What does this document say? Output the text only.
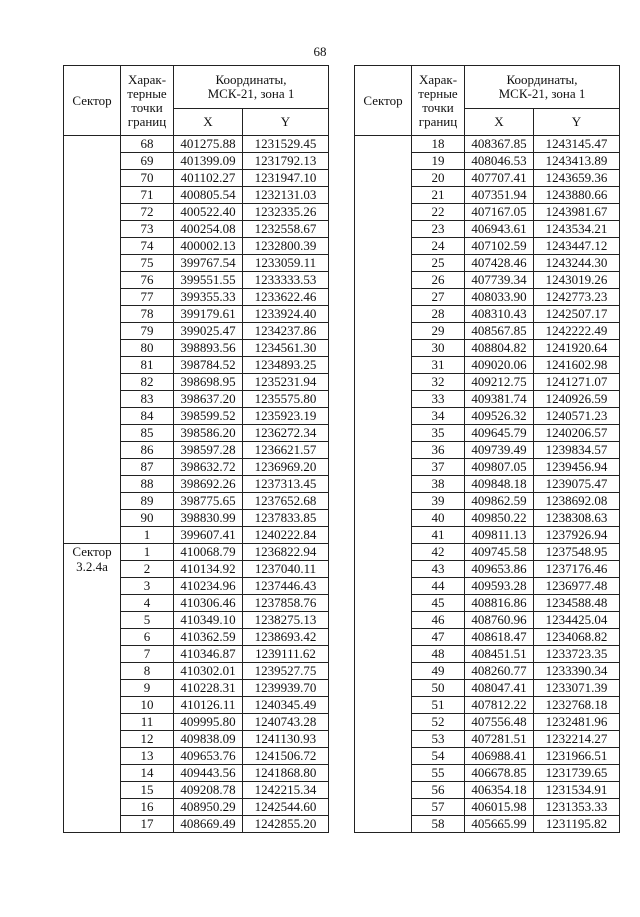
68
Сектор	Харак-
терные
точки
границ	Координаты,
МСК-21, зона 1	
		X	Y
	68	401275.88	1231529.45
	69	401399.09	1231792.13
	70	401102.27	1231947.10
	71	400805.54	1232131.03
	72	400522.40	1232335.26
	73	400254.08	1232558.67
	74	400002.13	1232800.39
	75	399767.54	1233059.11
	76	399551.55	1233333.53
	77	399355.33	1233622.46
	78	399179.61	1233924.40
	79	399025.47	1234237.86
	80	398893.56	1234561.30
	81	398784.52	1234893.25
	82	398698.95	1235231.94
	83	398637.20	1235575.80
	84	398599.52	1235923.19
	85	398586.20	1236272.34
	86	398597.28	1236621.57
	87	398632.72	1236969.20
	88	398692.26	1237313.45
	89	398775.65	1237652.68
	90	398830.99	1237833.85
	1	399607.41	1240222.84
Сектор
3.2.4а	1	410068.79	1236822.94
	2	410134.92	1237040.11
	3	410234.96	1237446.43
	4	410306.46	1237858.76
	5	410349.10	1238275.13
	6	410362.59	1238693.42
	7	410346.87	1239111.62
	8	410302.01	1239527.75
	9	410228.31	1239939.70
	10	410126.11	1240345.49
	11	409995.80	1240743.28
	12	409838.09	1241130.93
	13	409653.76	1241506.72
	14	409443.56	1241868.80
	15	409208.78	1242215.34
	16	408950.29	1242544.60
	17	408669.49	1242855.20
Сектор	Харак-
терные
точки
границ	Координаты,
МСК-21, зона 1	
		X	Y
	18	408367.85	1243145.47
	19	408046.53	1243413.89
	20	407707.41	1243659.36
	21	407351.94	1243880.66
	22	407167.05	1243981.67
	23	406943.61	1243534.21
	24	407102.59	1243447.12
	25	407428.46	1243244.30
	26	407739.34	1243019.26
	27	408033.90	1242773.23
	28	408310.43	1242507.17
	29	408567.85	1242222.49
	30	408804.82	1241920.64
	31	409020.06	1241602.98
	32	409212.75	1241271.07
	33	409381.74	1240926.59
	34	409526.32	1240571.23
	35	409645.79	1240206.57
	36	409739.49	1239834.57
	37	409807.05	1239456.94
	38	409848.18	1239075.47
	39	409862.59	1238692.08
	40	409850.22	1238308.63
	41	409811.13	1237926.94
	42	409745.58	1237548.95
	43	409653.86	1237176.46
	44	409593.28	1236977.48
	45	408816.86	1234588.48
	46	408760.96	1234425.04
	47	408618.47	1234068.82
	48	408451.51	1233723.35
	49	408260.77	1233390.34
	50	408047.41	1233071.39
	51	407812.22	1232768.18
	52	407556.48	1232481.96
	53	407281.51	1232214.27
	54	406988.41	1231966.51
	55	406678.85	1231739.65
	56	406354.18	1231534.91
	57	406015.98	1231353.33
	58	405665.99	1231195.82
